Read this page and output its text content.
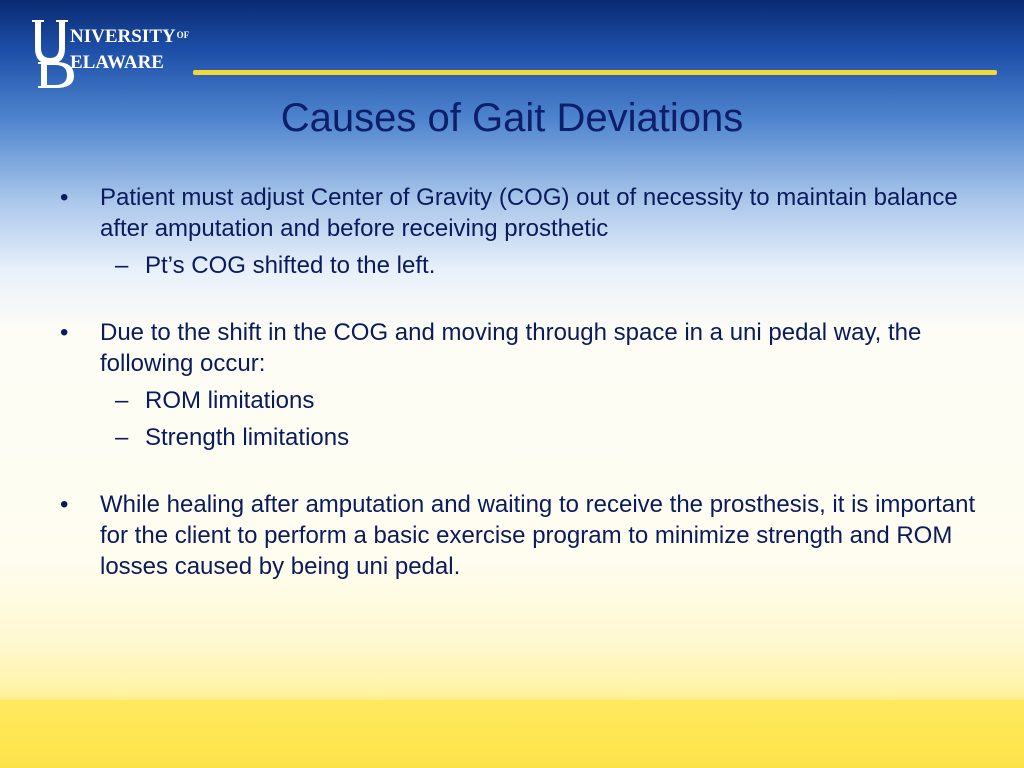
$NIVERSITY^{OF}$
ELAWARE
Causes of Gait Deviations
•	Patient must adjust Center of Gravity (COG) out of necessity to maintain balance after amputation and before receiving prosthetic
– Pt’s COG shifted to the left.
•	Due to the shift in the COG and moving through space in a uni pedal way, the following occur:
– ROM limitations
– Strength limitations
•	While healing after amputation and waiting to receive the prosthesis, it is important for the client to perform a basic exercise program to minimize strength and ROM losses caused by being uni pedal.
